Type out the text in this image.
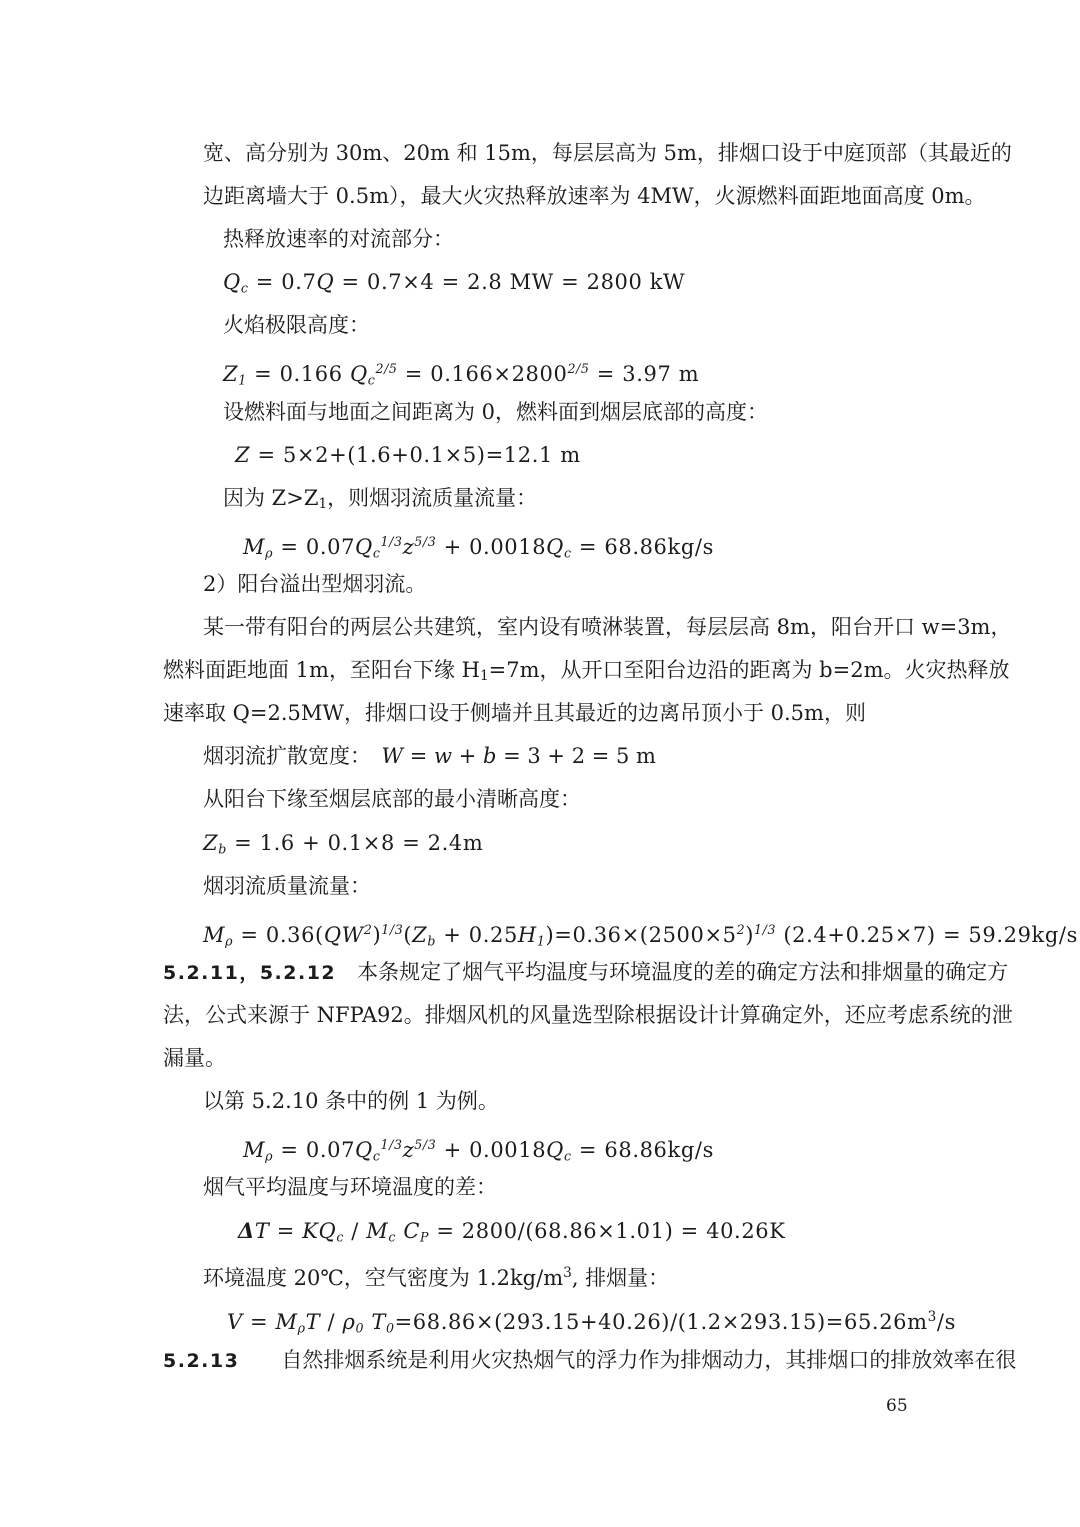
宽、高分别为 30m、20m 和 15m，每层层高为 5m，排烟口设于中庭顶部（其最近的
边距离墙大于 0.5m），最大火灾热释放速率为 4MW，火源燃料面距地面高度 0m。
热释放速率的对流部分：
Qc = 0.7Q = 0.7×4 = 2.8 MW = 2800 kW
火焰极限高度：
Z1 = 0.166 $Qc^{2/5} = 0.166\times 2800^{2/5} = 3.97$ m
设燃料面与地面之间距离为 0，燃料面到烟层底部的高度：
Z = 5×2+(1.6+0.1×5)=12.1 m
因为 Z>Z1，则烟羽流质量流量：
$M\rho = 0.07Qc^{1/3}z^{5/3} + 0.0018Qc = 68.86kg/s$
2）阳台溢出型烟羽流。
某一带有阳台的两层公共建筑，室内设有喷淋装置，每层层高 8m，阳台开口 w=3m，
燃料面距地面 1m，至阳台下缘 H1=7m，从开口至阳台边沿的距离为 b=2m。火灾热释放
速率取 Q=2.5MW，排烟口设于侧墙并且其最近的边离吊顶小于 0.5m，则
烟羽流扩散宽度：　W = w + b = 3 + 2 = 5 m
从阳台下缘至烟层底部的最小清晰高度：
Zb = 1.6 + 0.1×8 = 2.4m
烟羽流质量流量：
$M\rho = 0.36(QW^2)^{1/3}(Zb + 0.25H1)=0.36\times(2500\times 5^2)^{1/3}$ (2.4+0.25×7) = 59.29kg/s
5.2.11，5.2.12　本条规定了烟气平均温度与环境温度的差的确定方法和排烟量的确定方
法，公式来源于 NFPA92。排烟风机的风量选型除根据设计计算确定外，还应考虑系统的泄
漏量。
以第 5.2.10 条中的例 1 为例。
$M\rho = 0.07Qc^{1/3}z^{5/3} + 0.0018Qc = 68.86kg/s$
烟气平均温度与环境温度的差：
ΔT = KQc / Mc CP = 2800/(68.86×1.01) = 40.26K
环境温度 20℃，空气密度为 $1.2kg/m^3$, 排烟量：
V = MρT / ρ0 $T0=68.86\times(293.15+40.26)/(1.2\times 293.15)=65.26m^3/s$
5.2.13　　自然排烟系统是利用火灾热烟气的浮力作为排烟动力，其排烟口的排放效率在很
65
